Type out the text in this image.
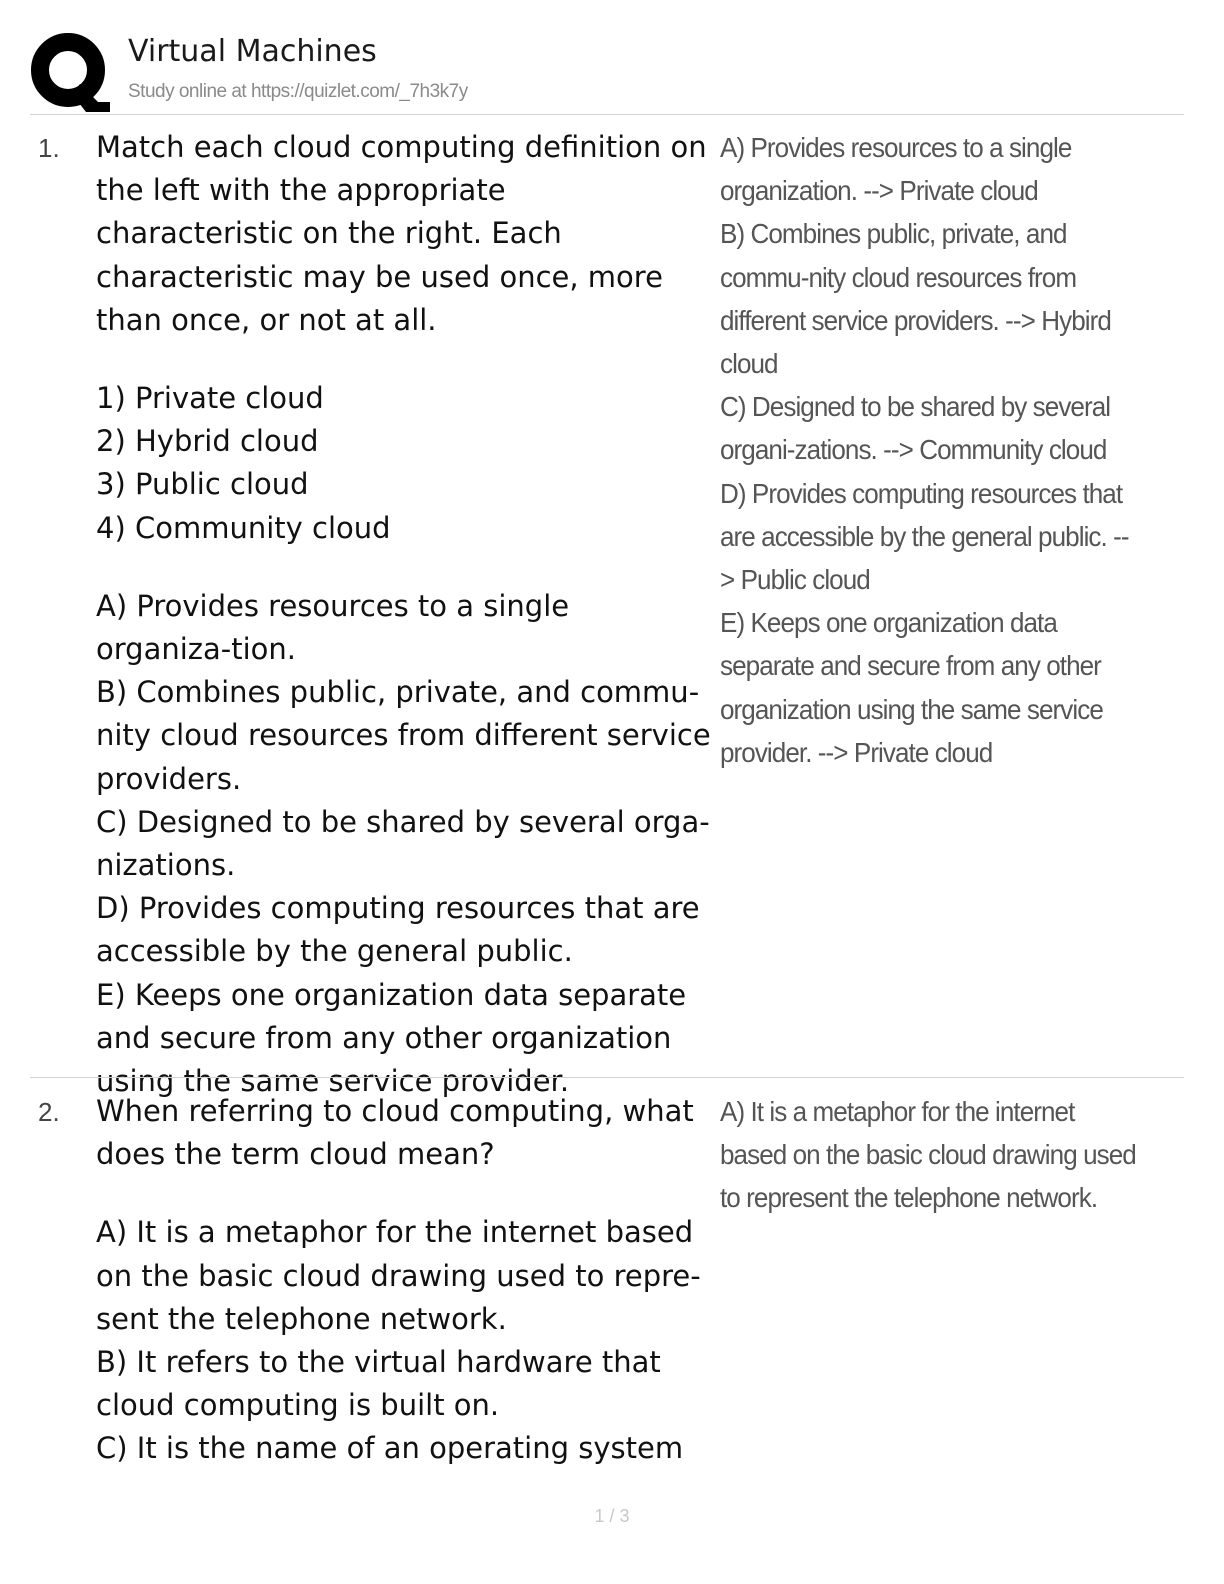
Virtual Machines
Study online at https://quizlet.com/_7h3k7y
1. Match each cloud computing definition on the left with the appropriate characteristic on the right. Each characteristic may be used once, more than once, or not at all.

1) Private cloud

2) Hybrid cloud

3) Public cloud

4) Community cloud

A) Provides resources to a single organiza-tion.

B) Combines public, private, and commu-nity cloud resources from different service providers.

C) Designed to be shared by several orga-nizations.

D) Provides computing resources that are accessible by the general public.

E) Keeps one organization data separate and secure from any other organization using the same service provider.

A) Provides resources to a single organization. --> Private cloud

B) Combines public, private, and commu-nity cloud resources from different service providers. --> Hybird cloud

C) Designed to be shared by several organi-zations. --> Community cloud

D) Provides computing resources that are accessible by the general public. --> Public cloud

E) Keeps one organization data separate and secure from any other organization using the same service provider. --> Private cloud

2. When referring to cloud computing, what does the term cloud mean?

A) It is a metaphor for the internet based on the basic cloud drawing used to repre-sent the telephone network.

B) It refers to the virtual hardware that cloud computing is built on.

C) It is the name of an operating system

A) It is a metaphor for the internet based on the basic cloud drawing used to represent the telephone network.

1 / 3
